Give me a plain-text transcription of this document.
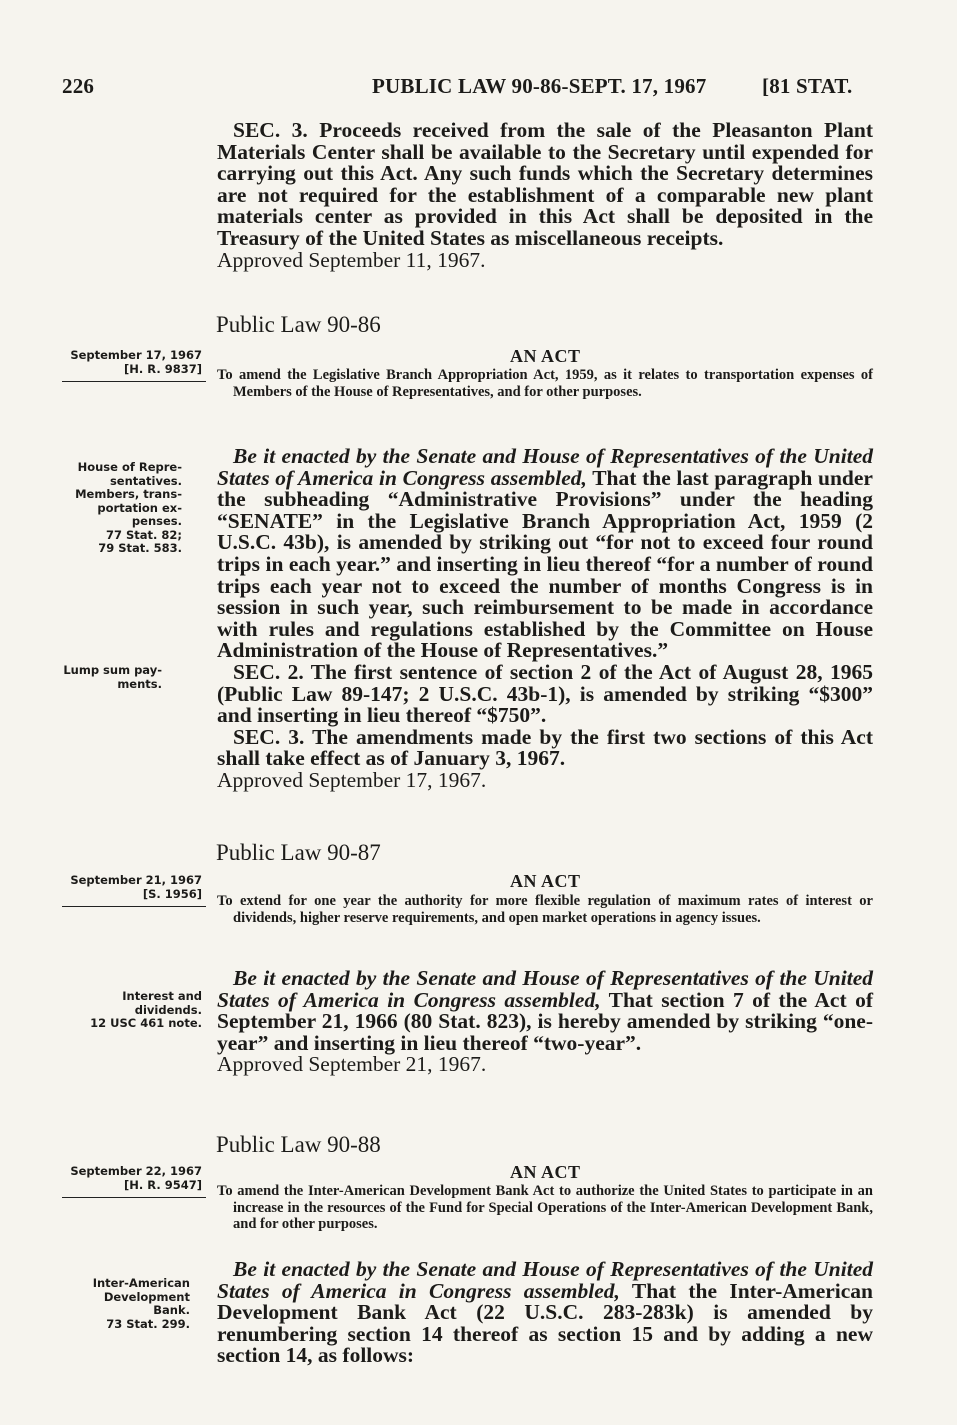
226	PUBLIC LAW 90-86-SEPT. 17, 1967	[81 STAT.

SEC. 3. Proceeds received from the sale of the Pleasanton Plant Materials Center shall be available to the Secretary until expended for carrying out this Act. Any such funds which the Secretary determines are not required for the establishment of a comparable new plant materials center as provided in this Act shall be deposited in the Treasury of the United States as miscellaneous receipts.

Approved September 11, 1967.

Public Law 90-86
September 17, 1967
[H. R. 9837]
AN ACT
To amend the Legislative Branch Appropriation Act, 1959, as it relates to transportation expenses of Members of the House of Representatives, and for other purposes.

Be it enacted by the Senate and House of Representatives of the United States of America in Congress assembled, That the last paragraph under the subheading “Administrative Provisions” under the heading “SENATE” in the Legislative Branch Appropriation Act, 1959 (2 U.S.C. 43b), is amended by striking out “for not to exceed four round trips in each year.” and inserting in lieu thereof “for a number of round trips each year not to exceed the number of months Congress is in session in such year, such reimbursement to be made in accordance with rules and regulations established by the Committee on House Administration of the House of Representatives.”

SEC. 2. The first sentence of section 2 of the Act of August 28, 1965 (Public Law 89-147; 2 U.S.C. 43b-1), is amended by striking “$300” and inserting in lieu thereof “$750”.

SEC. 3. The amendments made by the first two sections of this Act shall take effect as of January 3, 1967.

Approved September 17, 1967.

House of Repre-
sentatives.
Members, trans-
portation ex-
penses.
77 Stat. 82;
79 Stat. 583.
Lump sum pay-
ments.
Public Law 90-87
September 21, 1967
[S. 1956]
AN ACT
To extend for one year the authority for more flexible regulation of maximum rates of interest or dividends, higher reserve requirements, and open market operations in agency issues.

Be it enacted by the Senate and House of Representatives of the United States of America in Congress assembled, That section 7 of the Act of September 21, 1966 (80 Stat. 823), is hereby amended by striking “one-year” and inserting in lieu thereof “two-year”.

Approved September 21, 1967.

Interest and
dividends.
12 USC 461 note.
Public Law 90-88
September 22, 1967
[H. R. 9547]
AN ACT
To amend the Inter-American Development Bank Act to authorize the United States to participate in an increase in the resources of the Fund for Special Operations of the Inter-American Development Bank, and for other purposes.

Be it enacted by the Senate and House of Representatives of the United States of America in Congress assembled, That the Inter-American Development Bank Act (22 U.S.C. 283-283k) is amended by renumbering section 14 thereof as section 15 and by adding a new section 14, as follows:

Inter-American
Development
Bank.
73 Stat. 299.
